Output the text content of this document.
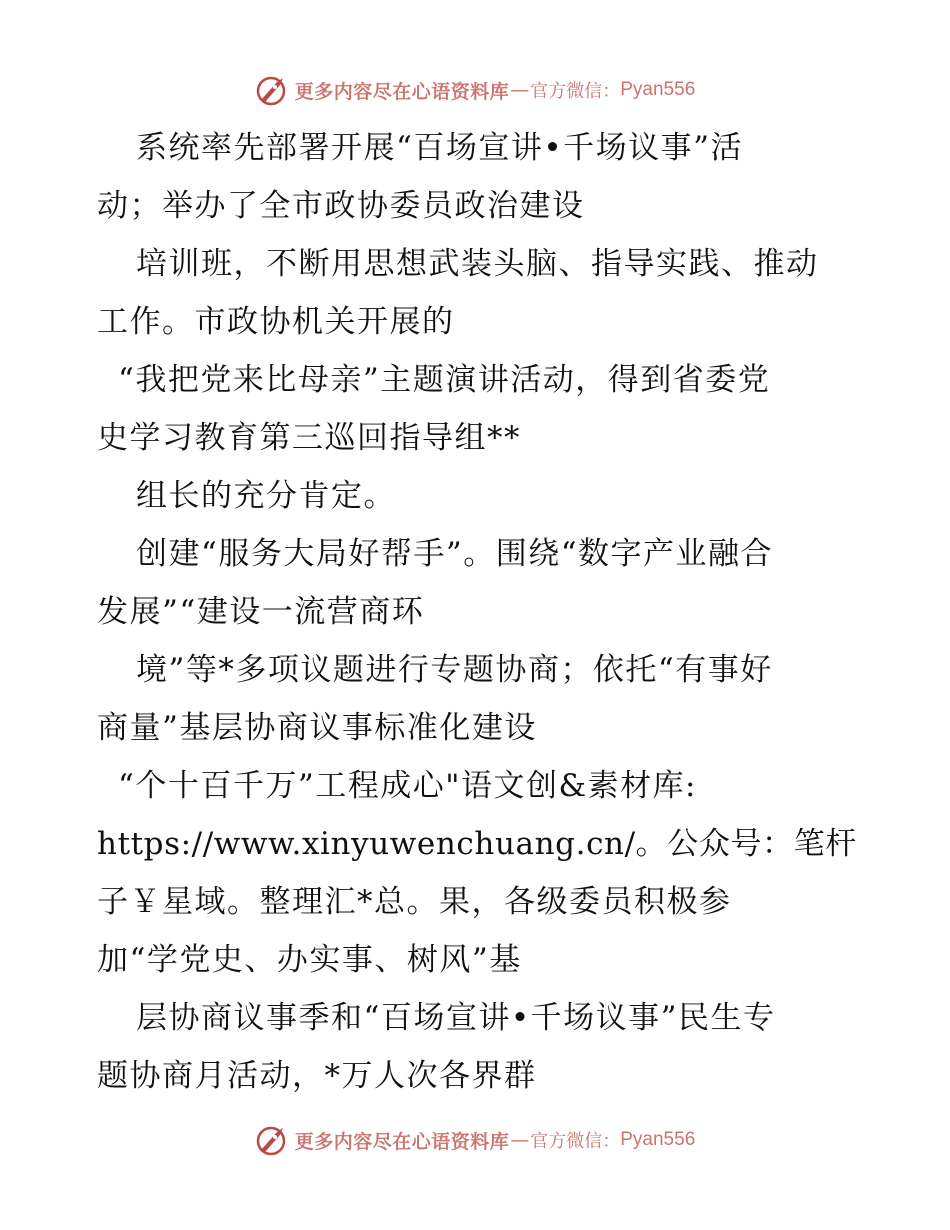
更多内容尽在心语资料库 — 官方微信： Pyan556
系统率先部署开展“百场宣讲•千场议事”活
动；举办了全市政协委员政治建设
培训班，不断用思想武装头脑、指导实践、推动
工作。市政协机关开展的
“我把党来比母亲”主题演讲活动，得到省委党
史学习教育第三巡回指导组**
组长的充分肯定。
创建“服务大局好帮手”。围绕“数字产业融合
发展”“建设一流营商环
境”等*多项议题进行专题协商；依托“有事好
商量”基层协商议事标准化建设
“个十百千万”工程成心"语文创&素材库:
https://www.xinyuwenchuang.cn/。公众号：笔杆
子￥星域。整理汇*总。果，各级委员积极参
加“学党史、办实事、树风”基
层协商议事季和“百场宣讲•千场议事”民生专
题协商月活动，*万人次各界群
更多内容尽在心语资料库 — 官方微信： Pyan556
